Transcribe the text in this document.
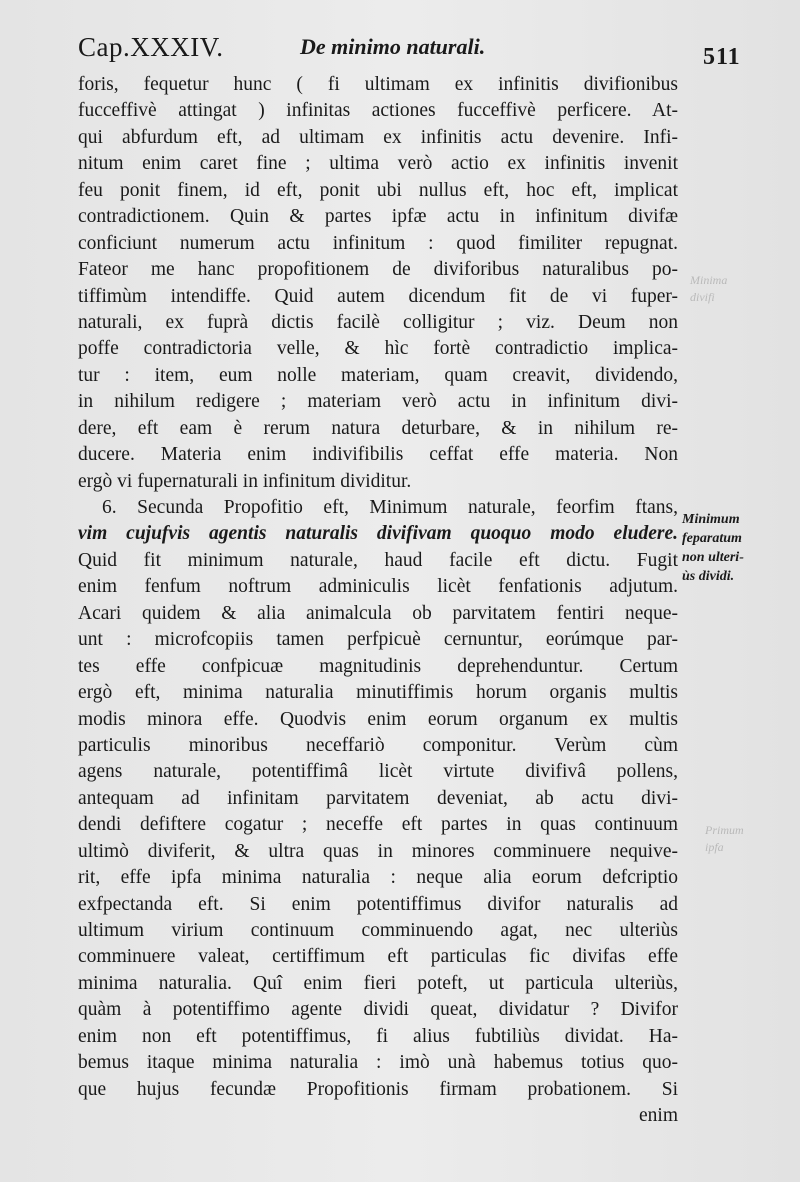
Cap.XXXIV.	De minimo naturali.	511
foris, fequetur hunc ( fi ultimam ex infinitis divifionibus
fucceffivè attingat ) infinitas actiones fucceffivè perficere. At-
qui abfurdum eft, ad ultimam ex infinitis actu devenire. Infi-
nitum enim caret fine ; ultima verò actio ex infinitis invenit
feu ponit finem, id eft, ponit ubi nullus eft, hoc eft, implicat
contradictionem. Quin & partes ipfæ actu in infinitum divifæ
conficiunt numerum actu infinitum : quod fimiliter repugnat.
Fateor me hanc propofitionem de diviforibus naturalibus po-
tiffimùm intendiffe. Quid autem dicendum fit de vi fuper-
naturali, ex fuprà dictis facilè colligitur ; viz. Deum non
poffe contradictoria velle, & hìc fortè contradictio implica-
tur : item, eum nolle materiam, quam creavit, dividendo,
in nihilum redigere ; materiam verò actu in infinitum divi-
dere, eft eam è rerum natura deturbare, & in nihilum re-
ducere. Materia enim indivifibilis ceffat effe materia. Non
ergò vi fupernaturali in infinitum dividitur.
6. Secunda Propofitio eft, Minimum naturale, feorfim ftans,
vim cujufvis agentis naturalis divifivam quoquo modo eludere.
Quid fit minimum naturale, haud facile eft dictu. Fugit
enim fenfum noftrum adminiculis licèt fenfationis adjutum.
Acari quidem & alia animalcula ob parvitatem fentiri neque-
unt : microfcopiis tamen perfpicuè cernuntur, eorúmque par-
tes effe confpicuæ magnitudinis deprehenduntur. Certum
ergò eft, minima naturalia minutiffimis horum organis multis
modis minora effe. Quodvis enim eorum organum ex multis
particulis minoribus neceffariò componitur. Verùm cùm
agens naturale, potentiffimâ licèt virtute divifivâ pollens,
antequam ad infinitam parvitatem deveniat, ab actu divi-
dendi defiftere cogatur ; neceffe eft partes in quas continuum
ultimò diviferit, & ultra quas in minores comminuere nequive-
rit, effe ipfa minima naturalia : neque alia eorum defcriptio
exfpectanda eft. Si enim potentiffimus divifor naturalis ad
ultimum virium continuum comminuendo agat, nec ulteriùs
comminuere valeat, certiffimum eft particulas fic divifas effe
minima naturalia. Quî enim fieri poteft, ut particula ulteriùs,
quàm à potentiffimo agente dividi queat, dividatur ? Divifor
enim non eft potentiffimus, fi alius fubtiliùs dividat. Ha-
bemus itaque minima naturalia : imò unà habemus totius quo-
que hujus fecundæ Propofitionis firmam probationem. Si
enim
Minimum
feparatum
non ulteri-
ùs dividi.
Minima
divifi
Primum
ipfa
